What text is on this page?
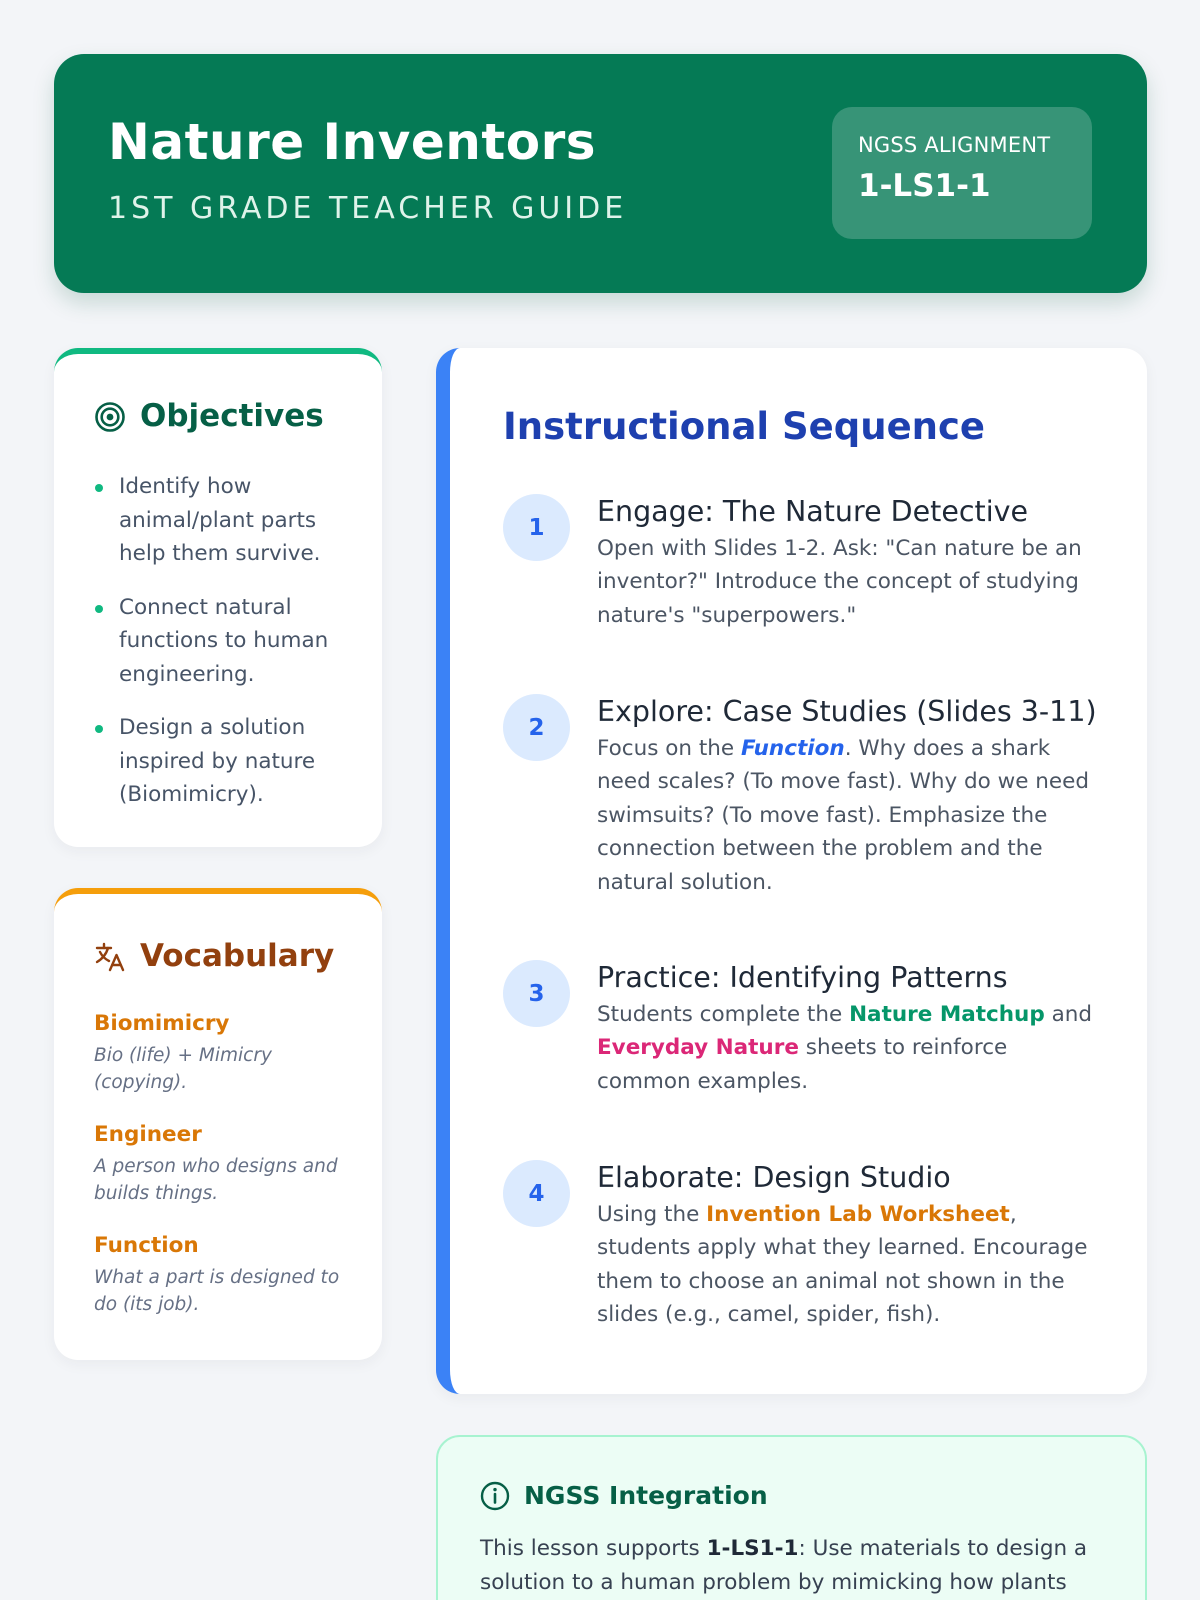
Nature Inventors
1ST GRADE TEACHER GUIDE
NGSS ALIGNMENT
1-LS1-1
Objectives
Identify how animal/plant parts help them survive.
Connect natural functions to human engineering.
Design a solution inspired by nature (Biomimicry).
Vocabulary
Biomimicry
Bio (life) + Mimicry (copying).
Engineer
A person who designs and builds things.
Function
What a part is designed to do (its job).
Instructional Sequence
1	Engage: The Nature Detective
Open with Slides 1-2. Ask: "Can nature be an inventor?" Introduce the concept of studying nature's "superpowers."
2	Explore: Case Studies (Slides 3-11)
Focus on the Function. Why does a shark need scales? (To move fast). Why do we need swimsuits? (To move fast). Emphasize the connection between the problem and the natural solution.
3	Practice: Identifying Patterns
Students complete the Nature Matchup and Everyday Nature sheets to reinforce common examples.
4	Elaborate: Design Studio
Using the Invention Lab Worksheet, students apply what they learned. Encourage them to choose an animal not shown in the slides (e.g., camel, spider, fish).
NGSS Integration
This lesson supports 1-LS1-1: Use materials to design a solution to a human problem by mimicking how plants
